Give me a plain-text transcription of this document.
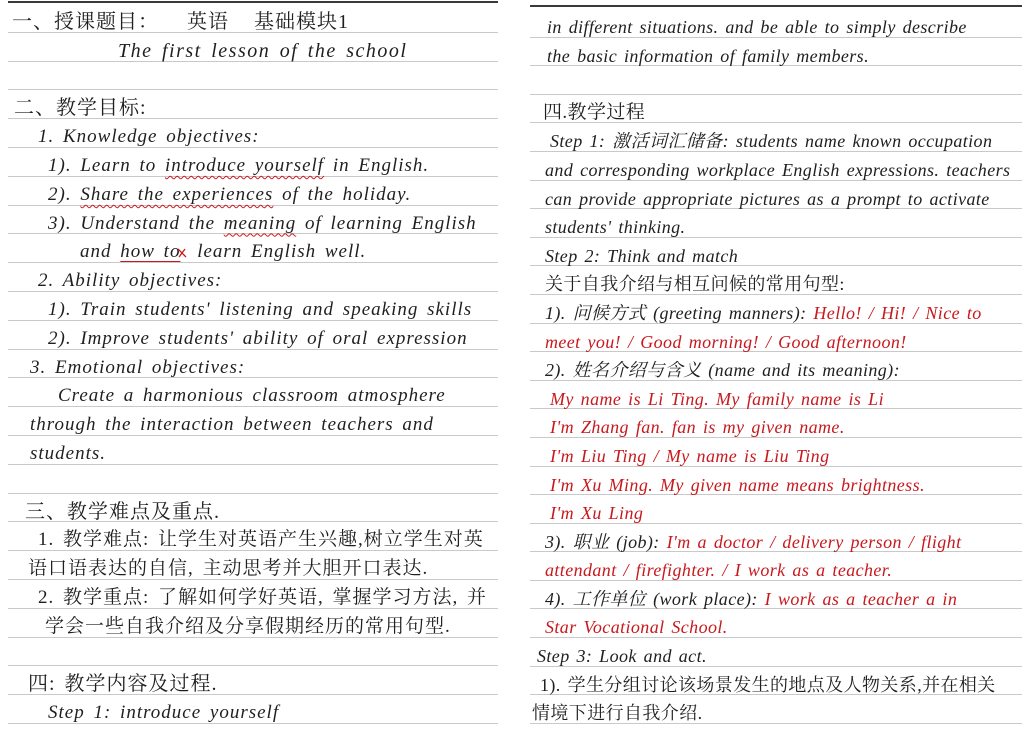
一、授课题目： 英语 基础模块1
The first lesson of the school
二、教学目标:
1. Knowledge objectives:
1). Learn to introduce yourself in English.
2). Share the experiences of the holiday.
3). Understand the meaning of learning English
and how to learn English well.
2. Ability objectives:
1). Train students' listening and speaking skills
2). Improve students' ability of oral expression
3. Emotional objectives:
Create a harmonious classroom atmosphere
through the interaction between teachers and
students.
三、教学难点及重点.
1. 教学难点: 让学生对英语产生兴趣,树立学生对英
语口语表达的自信, 主动思考并大胆开口表达.
2. 教学重点: 了解如何学好英语, 掌握学习方法, 并
学会一些自我介绍及分享假期经历的常用句型.
四: 教学内容及过程.
Step 1: introduce yourself
in different situations. and be able to simply describe
the basic information of family members.
四.教学过程
Step 1: 激活词汇储备: students name known occupation
and corresponding workplace English expressions. teachers
can provide appropriate pictures as a prompt to activate
students' thinking.
Step 2: Think and match
关于自我介绍与相互问候的常用句型:
1). 问候方式 (greeting manners): Hello! / Hi! / Nice to
meet you! / Good morning! / Good afternoon!
2). 姓名介绍与含义 (name and its meaning):
My name is Li Ting. My family name is Li
I'm Zhang fan. fan is my given name.
I'm Liu Ting / My name is Liu Ting
I'm Xu Ming. My given name means brightness.
I'm Xu Ling
3). 职业 (job): I'm a doctor / delivery person / flight
attendant / firefighter. / I work as a teacher.
4). 工作单位 (work place): I work as a teacher a in
Star Vocational School.
Step 3: Look and act.
1). 学生分组讨论该场景发生的地点及人物关系,并在相关
情境下进行自我介绍.
